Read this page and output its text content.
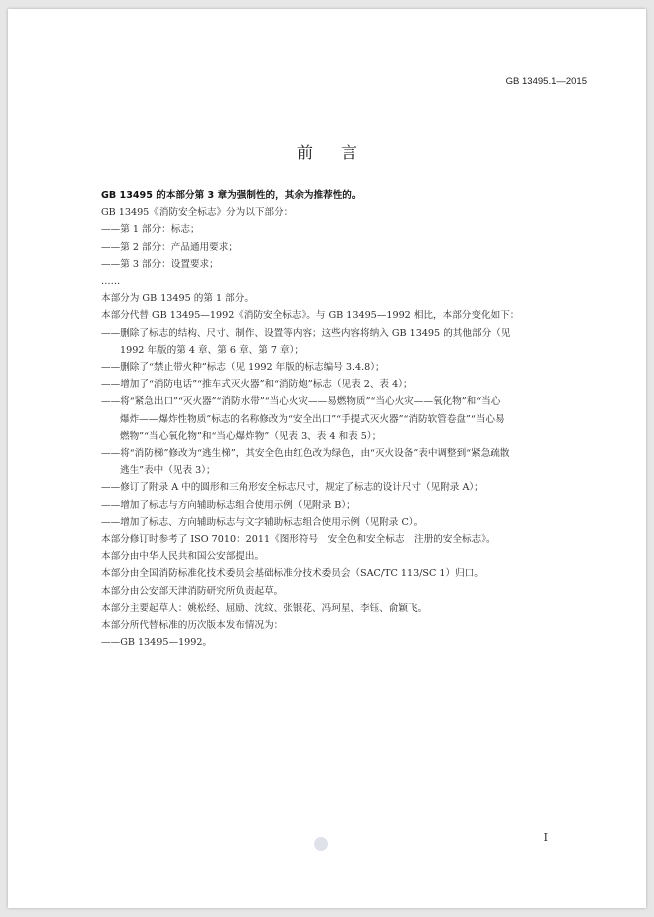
GB 13495.1—2015
前言
GB 13495 的本部分第 3 章为强制性的，其余为推荐性的。
GB 13495《消防安全标志》分为以下部分：
——第 1 部分：标志；
——第 2 部分：产品通用要求；
——第 3 部分：设置要求；
……
本部分为 GB 13495 的第 1 部分。
本部分代替 GB 13495—1992《消防安全标志》。与 GB 13495—1992 相比，本部分变化如下：
——删除了标志的结构、尺寸、制作、设置等内容；这些内容将纳入 GB 13495 的其他部分（见
1992 年版的第 4 章、第 6 章、第 7 章）；
——删除了“禁止带火种”标志（见 1992 年版的标志编号 3.4.8）；
——增加了“消防电话”“推车式灭火器”和“消防炮”标志（见表 2、表 4）；
——将“紧急出口”“灭火器”“消防水带”“当心火灾——易燃物质”“当心火灾——氧化物”和“当心
爆炸——爆炸性物质”标志的名称修改为“安全出口”“手提式灭火器”“消防软管卷盘”“当心易
燃物”“当心氧化物”和“当心爆炸物”（见表 3、表 4 和表 5）；
——将“消防梯”修改为“逃生梯”，其安全色由红色改为绿色，由“灭火设备”表中调整到“紧急疏散
逃生”表中（见表 3）；
——修订了附录 A 中的圆形和三角形安全标志尺寸，规定了标志的设计尺寸（见附录 A）；
——增加了标志与方向辅助标志组合使用示例（见附录 B）；
——增加了标志、方向辅助标志与文字辅助标志组合使用示例（见附录 C）。
本部分修订时参考了 ISO 7010：2011《图形符号　安全色和安全标志　注册的安全标志》。
本部分由中华人民共和国公安部提出。
本部分由全国消防标准化技术委员会基础标准分技术委员会（SAC/TC 113/SC 1）归口。
本部分由公安部天津消防研究所负责起草。
本部分主要起草人：姚松经、屈励、沈纹、张银花、冯珂星、李钰、俞颖飞。
本部分所代替标准的历次版本发布情况为：
——GB 13495—1992。
I
